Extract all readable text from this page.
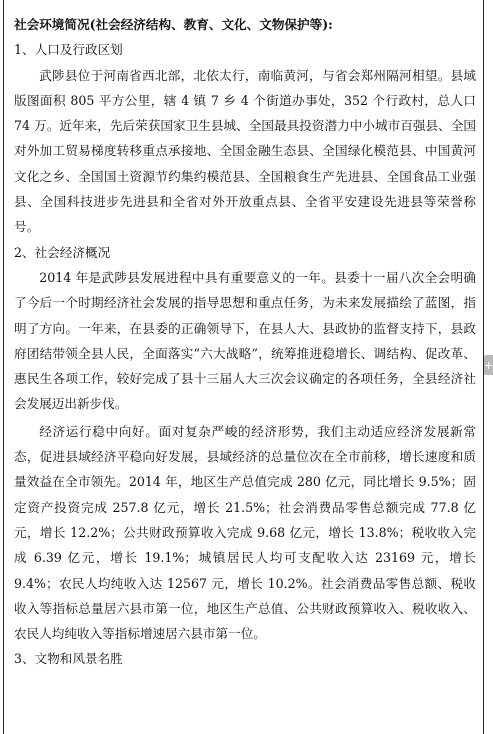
社会环境简况(社会经济结构、教育、文化、文物保护等):
1、人口及行政区划

武陟县位于河南省西北部，北依太行，南临黄河，与省会郑州隔河相望。县域版图面积 805 平方公里，辖 4 镇 7 乡 4 个街道办事处，352 个行政村，总人口 74 万。近年来，先后荣获国家卫生县城、全国最具投资潜力中小城市百强县、全国对外加工贸易梯度转移重点承接地、全国金融生态县、全国绿化模范县、中国黄河文化之乡、全国国土资源节约集约模范县、全国粮食生产先进县、全国食品工业强县、全国科技进步先进县和全省对外开放重点县、全省平安建设先进县等荣誉称号。

2、社会经济概况

2014 年是武陟县发展进程中具有重要意义的一年。县委十一届八次全会明确了今后一个时期经济社会发展的指导思想和重点任务，为未来发展描绘了蓝图，指明了方向。一年来，在县委的正确领导下，在县人大、县政协的监督支持下，县政府团结带领全县人民，全面落实“六大战略”，统筹推进稳增长、调结构、促改革、惠民生各项工作，较好完成了县十三届人大三次会议确定的各项任务，全县经济社会发展迈出新步伐。

经济运行稳中向好。面对复杂严峻的经济形势，我们主动适应经济发展新常态，促进县域经济平稳向好发展，县域经济的总量位次在全市前移，增长速度和质量效益在全市领先。2014 年，地区生产总值完成 280 亿元，同比增长 9.5%；固定资产投资完成 257.8 亿元，增长 21.5%；社会消费品零售总额完成 77.8 亿元，增长 12.2%；公共财政预算收入完成 9.68 亿元，增长 13.8%；税收收入完成 6.39 亿元，增长 19.1%；城镇居民人均可支配收入达 23169 元，增长 9.4%；农民人均纯收入达 12567 元，增长 10.2%。社会消费品零售总额、税收收入等指标总量居六县市第一位，地区生产总值、公共财政预算收入、税收收入、农民人均纯收入等指标增速居六县市第一位。

3、文物和风景名胜
